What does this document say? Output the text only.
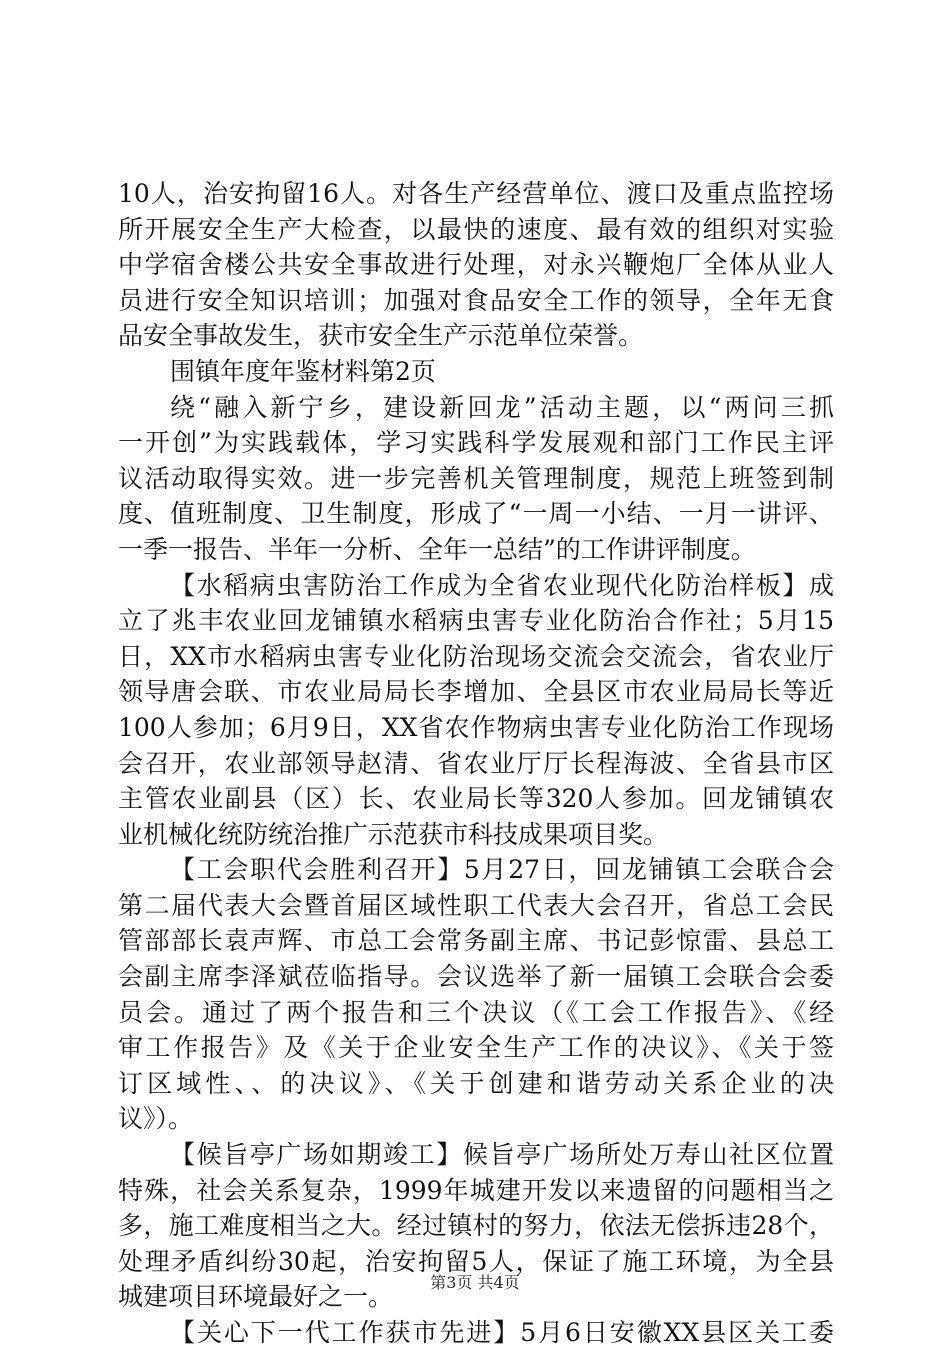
10人，治安拘留16人。对各生产经营单位、渡口及重点监控场
所开展安全生产大检查，以最快的速度、最有效的组织对实验
中学宿舍楼公共安全事故进行处理，对永兴鞭炮厂全体从业人
员进行安全知识培训；加强对食品安全工作的领导，全年无食
品安全事故发生，获市安全生产示范单位荣誉。
围镇年度年鉴材料第2页
绕“融入新宁乡，建设新回龙”活动主题，以“两问三抓
一开创”为实践载体，学习实践科学发展观和部门工作民主评
议活动取得实效。进一步完善机关管理制度，规范上班签到制
度、值班制度、卫生制度，形成了“一周一小结、一月一讲评、
一季一报告、半年一分析、全年一总结”的工作讲评制度。
【水稻病虫害防治工作成为全省农业现代化防治样板】成
立了兆丰农业回龙铺镇水稻病虫害专业化防治合作社；5月15
日，XX市水稻病虫害专业化防治现场交流会交流会，省农业厅
领导唐会联、市农业局局长李增加、全县区市农业局局长等近
100人参加；6月9日，XX省农作物病虫害专业化防治工作现场
会召开，农业部领导赵清、省农业厅厅长程海波、全省县市区
主管农业副县（区）长、农业局长等320人参加。回龙铺镇农
业机械化统防统治推广示范获市科技成果项目奖。
【工会职代会胜利召开】5月27日，回龙铺镇工会联合会
第二届代表大会暨首届区域性职工代表大会召开，省总工会民
管部部长袁声辉、市总工会常务副主席、书记彭惊雷、县总工
会副主席李泽斌莅临指导。会议选举了新一届镇工会联合会委
员会。通过了两个报告和三个决议（《工会工作报告》、《经
审工作报告》及《关于企业安全生产工作的决议》、《关于签
订区域性、、的决议》、《关于创建和谐劳动关系企业的决
议》）。
【候旨亭广场如期竣工】候旨亭广场所处万寿山社区位置
特殊，社会关系复杂，1999年城建开发以来遗留的问题相当之
多，施工难度相当之大。经过镇村的努力，依法无偿拆违28个，
处理矛盾纠纷30起，治安拘留5人，保证了施工环境，为全县
城建项目环境最好之一。
【关心下一代工作获市先进】5月6日安徽XX县区关工委
第3页 共4页
